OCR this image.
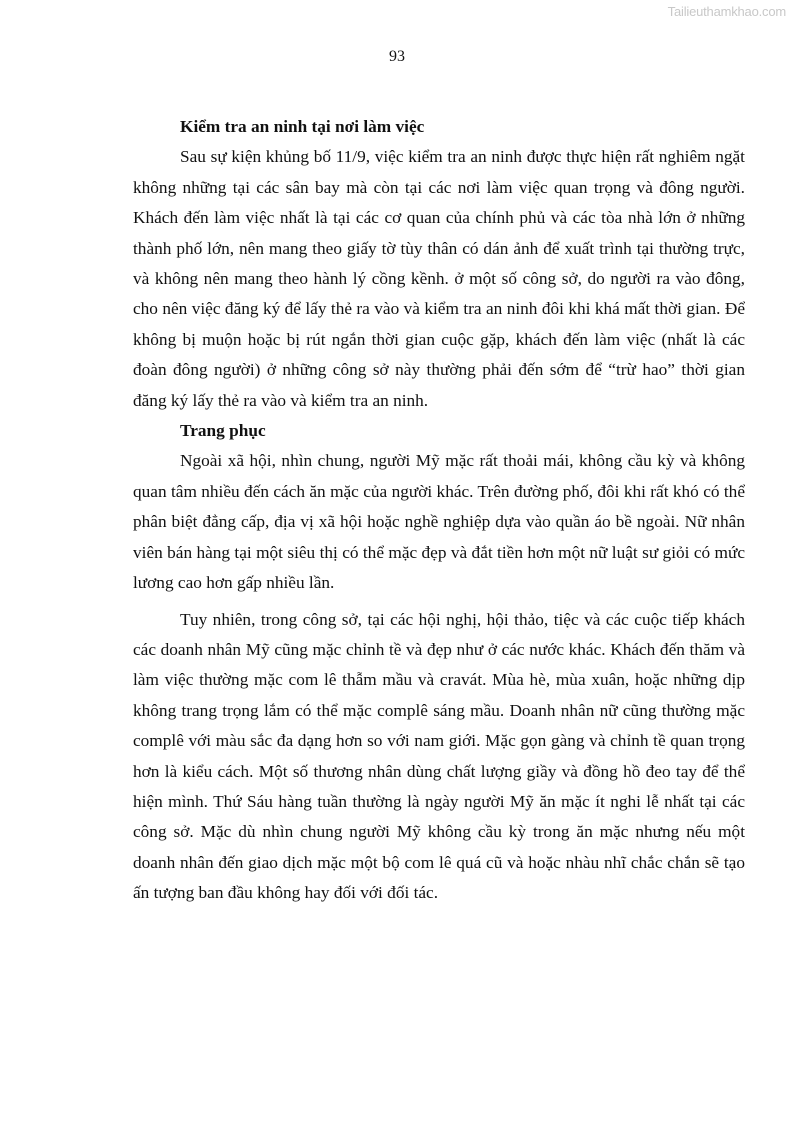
Tailieuthamkhao.com
93

Kiểm tra an ninh tại nơi làm việc

Sau sự kiện khủng bố 11/9, việc kiểm tra an ninh được thực hiện rất nghiêm ngặt không những tại các sân bay mà còn tại các nơi làm việc quan trọng và đông người. Khách đến làm việc nhất là tại các cơ quan của chính phủ và các tòa nhà lớn ở những thành phố lớn, nên mang theo giấy tờ tùy thân có dán ảnh để xuất trình tại thường trực, và không nên mang theo hành lý cồng kềnh. ở một số công sở, do người ra vào đông, cho nên việc đăng ký để lấy thẻ ra vào và kiểm tra an ninh đôi khi khá mất thời gian. Để không bị muộn hoặc bị rút ngắn thời gian cuộc gặp, khách đến làm việc (nhất là các đoàn đông người) ở những công sở này thường phải đến sớm để “trừ hao” thời gian đăng ký lấy thẻ ra vào và kiểm tra an ninh.

Trang phục

Ngoài xã hội, nhìn chung, người Mỹ mặc rất thoải mái, không cầu kỳ và không quan tâm nhiều đến cách ăn mặc của người khác. Trên đường phố, đôi khi rất khó có thể phân biệt đẳng cấp, địa vị xã hội hoặc nghề nghiệp dựa vào quần áo bề ngoài. Nữ nhân viên bán hàng tại một siêu thị có thể mặc đẹp và đắt tiền hơn một nữ luật sư giỏi có mức lương cao hơn gấp nhiều lần.

Tuy nhiên, trong công sở, tại các hội nghị, hội thảo, tiệc và các cuộc tiếp khách các doanh nhân Mỹ cũng mặc chỉnh tề và đẹp như ở các nước khác. Khách đến thăm và làm việc thường mặc com lê thẫm mầu và cravát. Mùa hè, mùa xuân, hoặc những dịp không trang trọng lắm có thể mặc complê sáng mầu. Doanh nhân nữ cũng thường mặc complê với màu sắc đa dạng hơn so với nam giới. Mặc gọn gàng và chỉnh tề quan trọng hơn là kiểu cách. Một số thương nhân dùng chất lượng giầy và đồng hồ đeo tay để thể hiện mình. Thứ Sáu hàng tuần thường là ngày người Mỹ ăn mặc ít nghi lễ nhất tại các công sở. Mặc dù nhìn chung người Mỹ không cầu kỳ trong ăn mặc nhưng nếu một doanh nhân đến giao dịch mặc một bộ com lê quá cũ và hoặc nhàu nhĩ chắc chắn sẽ tạo ấn tượng ban đầu không hay đối với đối tác.
